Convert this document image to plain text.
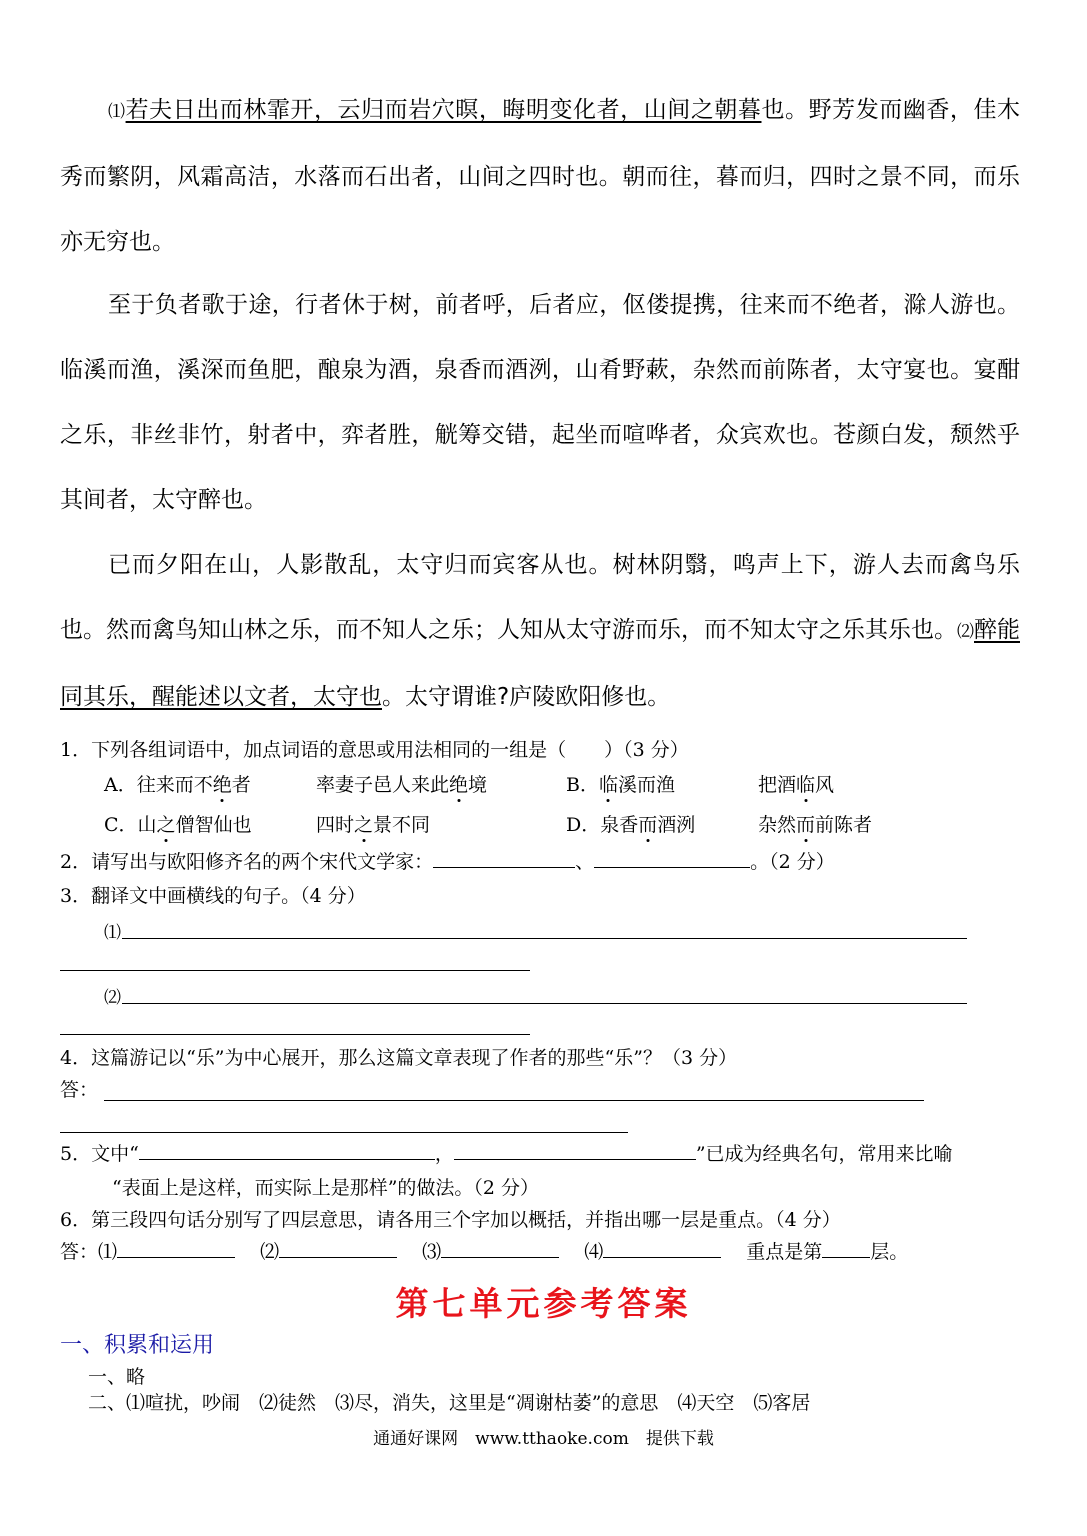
⑴若夫日出而林霏开，云归而岩穴暝，晦明变化者，山间之朝暮也。野芳发而幽香，佳木秀而繁阴，风霜高洁，水落而石出者，山间之四时也。朝而往，暮而归，四时之景不同，而乐亦无穷也。

至于负者歌于途，行者休于树，前者呼，后者应，伛偻提携，往来而不绝者，滁人游也。临溪而渔，溪深而鱼肥，酿泉为酒，泉香而酒洌，山肴野蔌，杂然而前陈者，太守宴也。宴酣之乐，非丝非竹，射者中，弈者胜，觥筹交错，起坐而喧哗者，众宾欢也。苍颜白发，颓然乎其间者，太守醉也。

已而夕阳在山，人影散乱，太守归而宾客从也。树林阴翳，鸣声上下，游人去而禽鸟乐也。然而禽鸟知山林之乐，而不知人之乐；人知从太守游而乐，而不知太守之乐其乐也。⑵醉能同其乐，醒能述以文者，太守也。太守谓谁?庐陵欧阳修也。

1．下列各组词语中，加点词语的意思或用法相同的一组是（　　）（3 分）
A．往来而不绝者	率妻子邑人来此绝境	B．临溪而渔	把酒临风
C．山之僧智仙也	四时之景不同	D．泉香而酒洌	杂然而前陈者
2．请写出与欧阳修齐名的两个宋代文学家：	、	。（2 分）
3．翻译文中画横线的句子。（4 分）
⑴
⑵
4．这篇游记以“乐”为中心展开，那么这篇文章表现了作者的那些“乐”？（3 分）
答：
5．文中“	，	”已成为经典名句，常用来比喻
“表面上是这样，而实际上是那样”的做法。（2 分）
6．第三段四句话分别写了四层意思，请各用三个字加以概括，并指出哪一层是重点。（4 分）
答：⑴　	⑵　	⑶　	⑷　	重点是第	层。
第七单元参考答案
一、积累和运用
一、略
二、⑴喧扰，吵闹　⑵徒然　⑶尽，消失，这里是“凋谢枯萎”的意思　⑷天空　⑸客居
通通好课网　www.tthaoke.com　提供下载
